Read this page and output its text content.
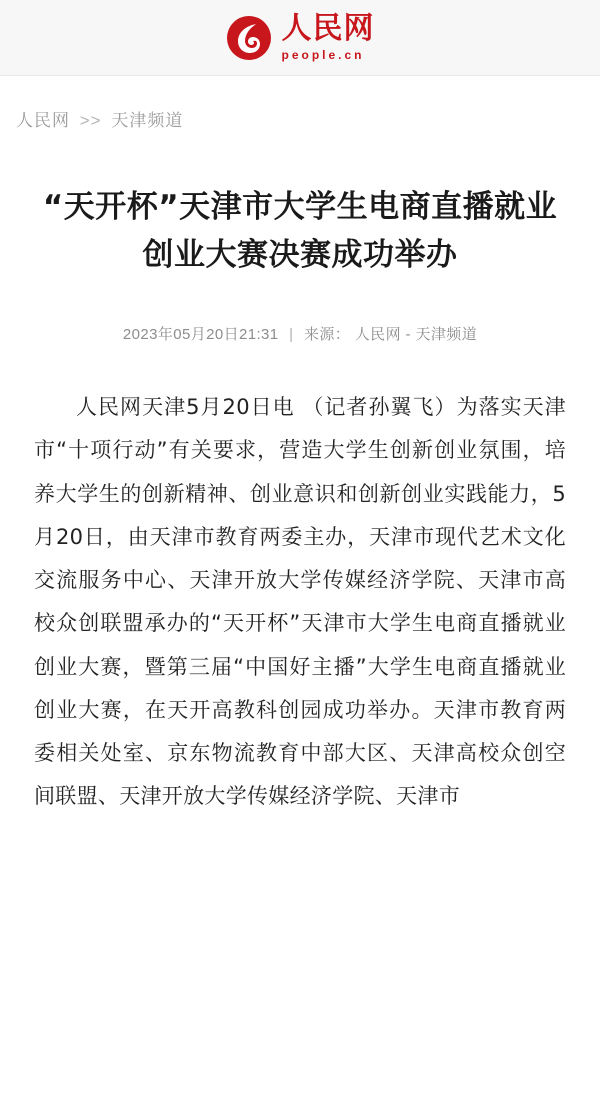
人民网
people.cn
人民网 >> 天津频道
“天开杯”天津市大学生电商直播就业创业大赛决赛成功举办
2023年05月20日21:31 | 来源： 人民网 - 天津频道

人民网天津5月20日电 （记者孙翼飞）为落实天津市“十项行动”有关要求，营造大学生创新创业氛围，培养大学生的创新精神、创业意识和创新创业实践能力，5月20日，由天津市教育两委主办，天津市现代艺术文化交流服务中心、天津开放大学传媒经济学院、天津市高校众创联盟承办的“天开杯”天津市大学生电商直播就业创业大赛，暨第三届“中国好主播”大学生电商直播就业创业大赛，在天开高教科创园成功举办。天津市教育两委相关处室、京东物流教育中部大区、天津高校众创空间联盟、天津开放大学传媒经济学院、天津市
